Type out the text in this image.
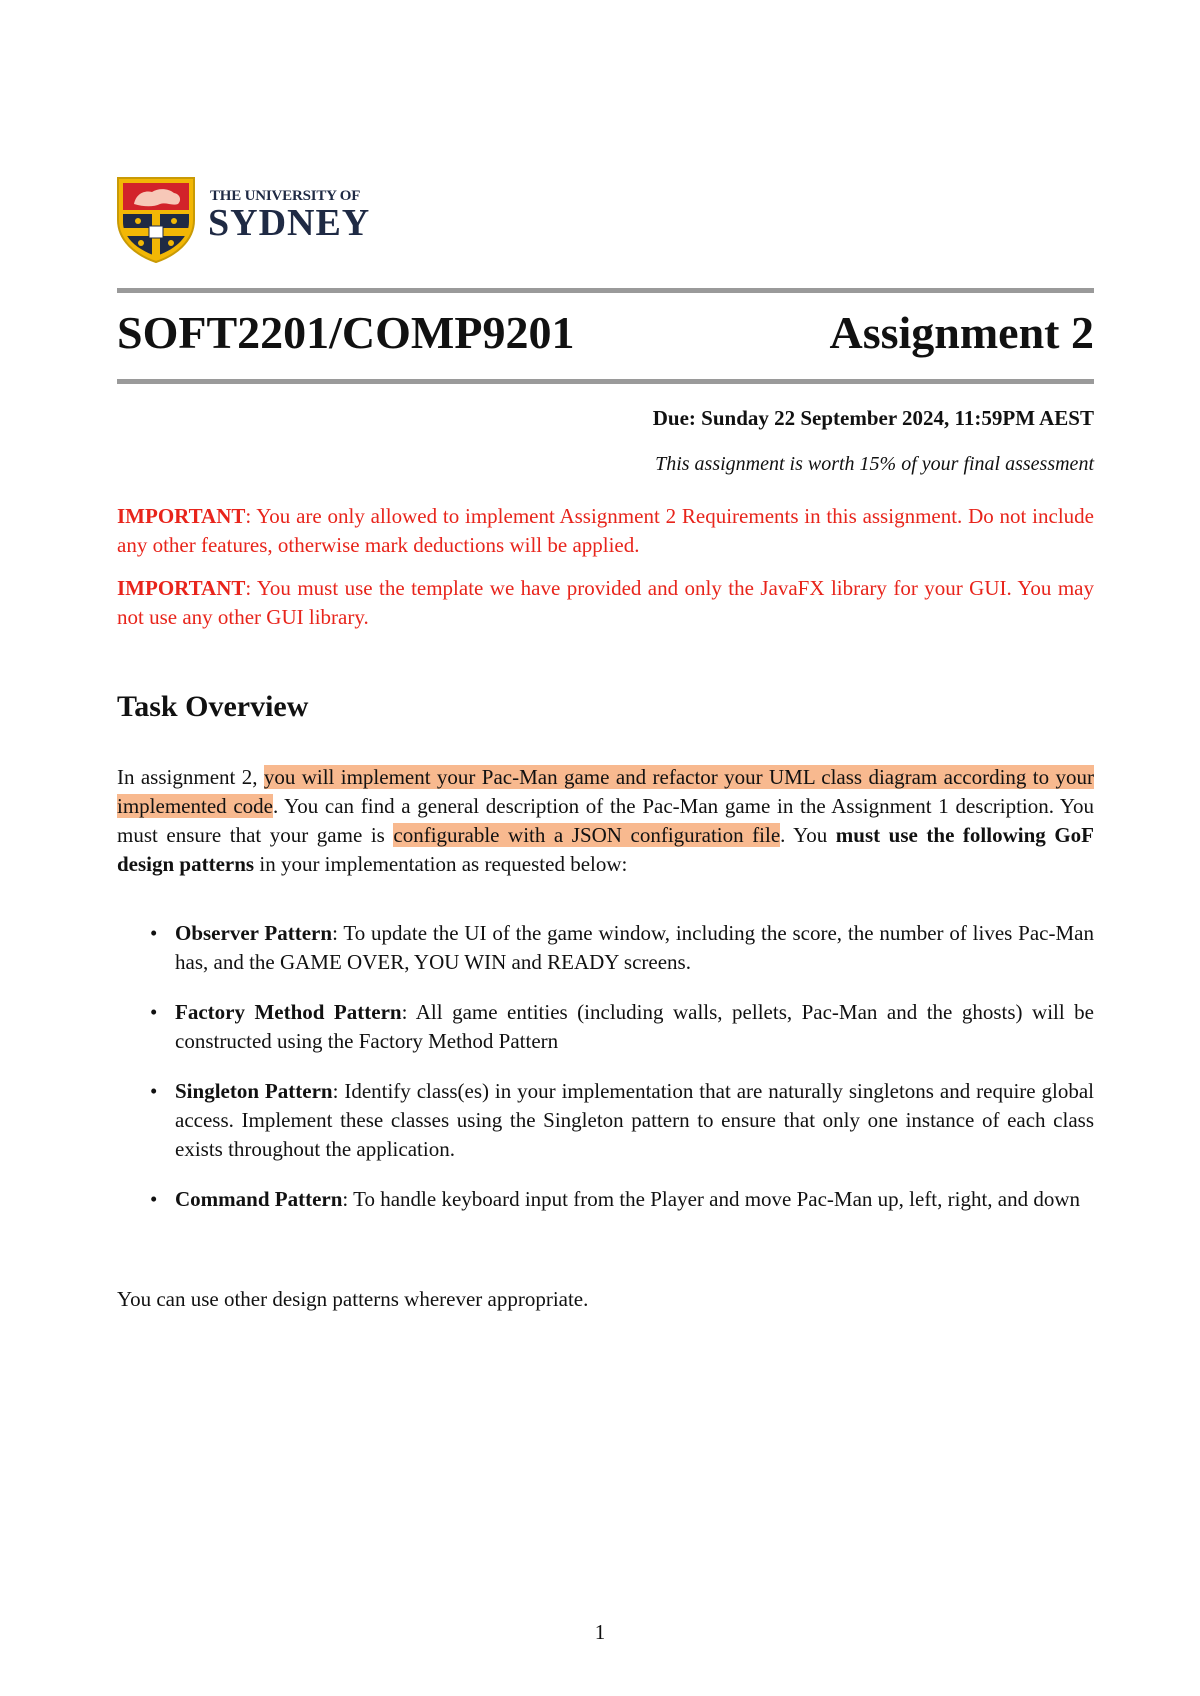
THE UNIVERSITY OF
SYDNEY
SOFT2201/COMP9201	Assignment 2
Due: Sunday 22 September 2024, 11:59PM AEST
This assignment is worth 15% of your final assessment
IMPORTANT: You are only allowed to implement Assignment 2 Requirements in this assignment. Do not include any other features, otherwise mark deductions will be applied.
IMPORTANT: You must use the template we have provided and only the JavaFX library for your GUI. You may not use any other GUI library.
Task Overview
In assignment 2, you will implement your Pac-Man game and refactor your UML class diagram according to your implemented code. You can find a general description of the Pac-Man game in the Assignment 1 description. You must ensure that your game is configurable with a JSON configuration file. You must use the following GoF design patterns in your implementation as requested below:
• Observer Pattern: To update the UI of the game window, including the score, the number of lives Pac-Man has, and the GAME OVER, YOU WIN and READY screens.
• Factory Method Pattern: All game entities (including walls, pellets, Pac-Man and the ghosts) will be constructed using the Factory Method Pattern
• Singleton Pattern: Identify class(es) in your implementation that are naturally singletons and require global access. Implement these classes using the Singleton pattern to ensure that only one instance of each class exists throughout the application.
• Command Pattern: To handle keyboard input from the Player and move Pac-Man up, left, right, and down
You can use other design patterns wherever appropriate.
1
